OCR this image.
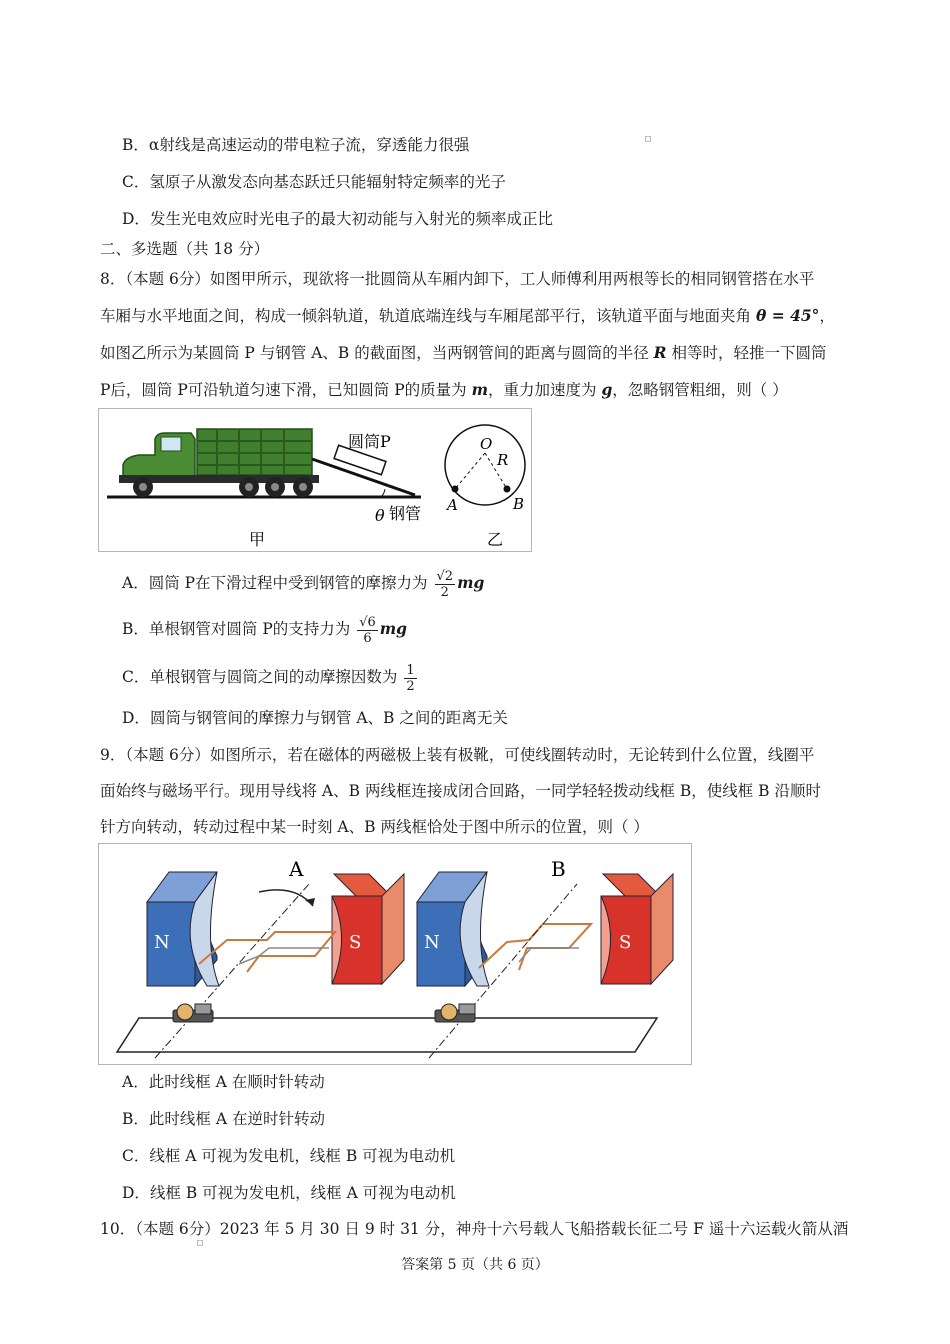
B．α射线是高速运动的带电粒子流，穿透能力很强
C．氢原子从激发态向基态跃迁只能辐射特定频率的光子
D．发生光电效应时光电子的最大初动能与入射光的频率成正比
二、多选题（共 18 分）
8．（本题 6分）如图甲所示，现欲将一批圆筒从车厢内卸下，工人师傅利用两根等长的相同钢管搭在水平
车厢与水平地面之间，构成一倾斜轨道，轨道底端连线与车厢尾部平行，该轨道平面与地面夹角 θ = 45°，
如图乙所示为某圆筒 P 与钢管 A、B 的截面图，当两钢管间的距离与圆筒的半径 R 相等时，轻推一下圆筒
P后，圆筒 P可沿轨道匀速下滑，已知圆筒 P的质量为 m，重力加速度为 g，忽略钢管粗细，则（ ）
圆筒P
θ 钢管
甲
O
R
A	B
乙
A．圆筒 P在下滑过程中受到钢管的摩擦力为 $\frac{√2}{2}$ mg
B．单根钢管对圆筒 P的支持力为 $\frac{√6}{6}$ mg
C．单根钢管与圆筒之间的动摩擦因数为 $\frac{1}{2}$
D．圆筒与钢管间的摩擦力与钢管 A、B 之间的距离无关
9．（本题 6分）如图所示，若在磁体的两磁极上装有极靴，可使线圈转动时，无论转到什么位置，线圈平
面始终与磁场平行。现用导线将 A、B 两线框连接成闭合回路，一同学轻轻拨动线框 B，使线框 B 沿顺时
针方向转动，转动过程中某一时刻 A、B 两线框恰处于图中所示的位置，则（ ）
N	S
A
N	S
B
A．此时线框 A 在顺时针转动
B．此时线框 A 在逆时针转动
C．线框 A 可视为发电机，线框 B 可视为电动机
D．线框 B 可视为发电机，线框 A 可视为电动机
10．（本题 6分）2023 年 5 月 30 日 9 时 31 分，神舟十六号载人飞船搭载长征二号 F 遥十六运载火箭从酒
答案第 5 页（共 6 页）
